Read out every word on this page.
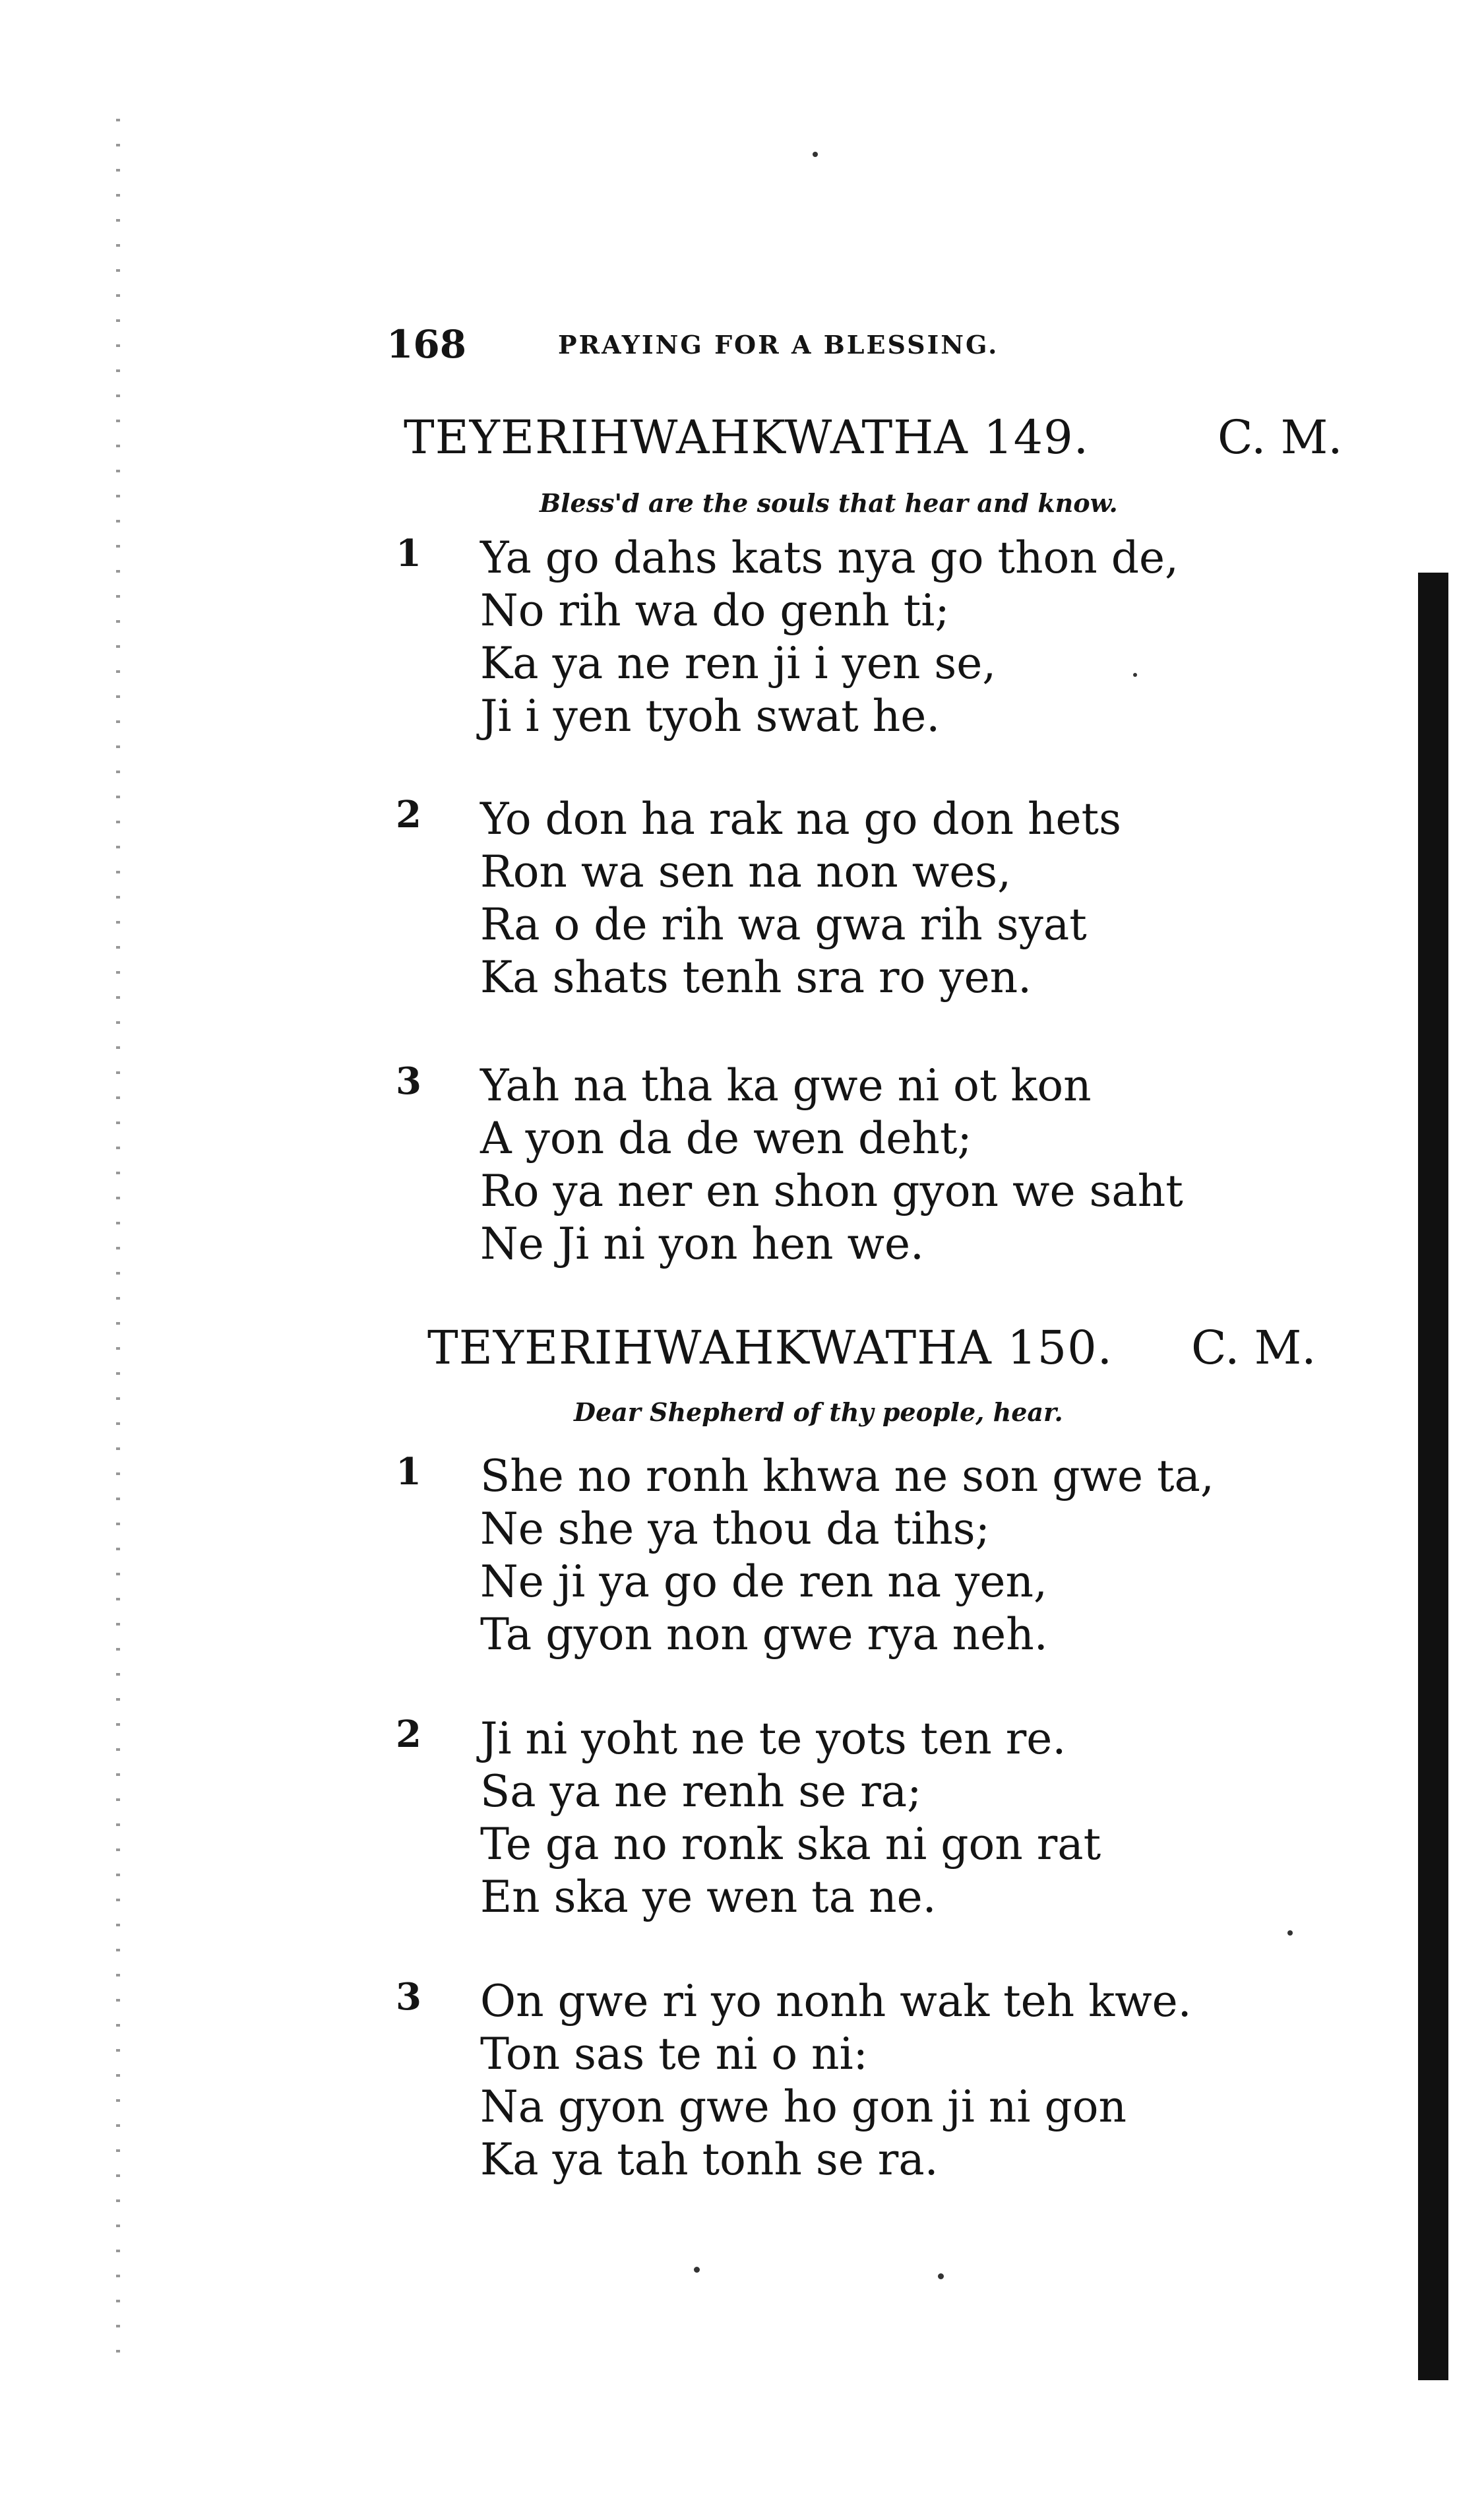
168	PRAYING FOR A BLESSING.
TEYERIHWAHKWATHA 149.	C. M.
Bless'd are the souls that hear and know.
1 Ya go dahs kats nya go thon de,
No rih wa do genh ti;
Ka ya ne ren ji i yen se,
Ji i yen tyoh swat he.
2 Yo don ha rak na go don hets
Ron wa sen na non wes,
Ra o de rih wa gwa rih syat
Ka shats tenh sra ro yen.
3 Yah na tha ka gwe ni ot kon
A yon da de wen deht;
Ro ya ner en shon gyon we saht
Ne Ji ni yon hen we.
TEYERIHWAHKWATHA 150. C. M.
Dear Shepherd of thy people, hear.
1 She no ronh khwa ne son gwe ta,
Ne she ya thou da tihs;
Ne ji ya go de ren na yen,
Ta gyon non gwe rya neh.
2 Ji ni yoht ne te yots ten re.
Sa ya ne renh se ra;
Te ga no ronk ska ni gon rat
En ska ye wen ta ne.
3 On gwe ri yo nonh wak teh kwe.
Ton sas te ni o ni:
Na gyon gwe ho gon ji ni gon
Ka ya tah tonh se ra.
